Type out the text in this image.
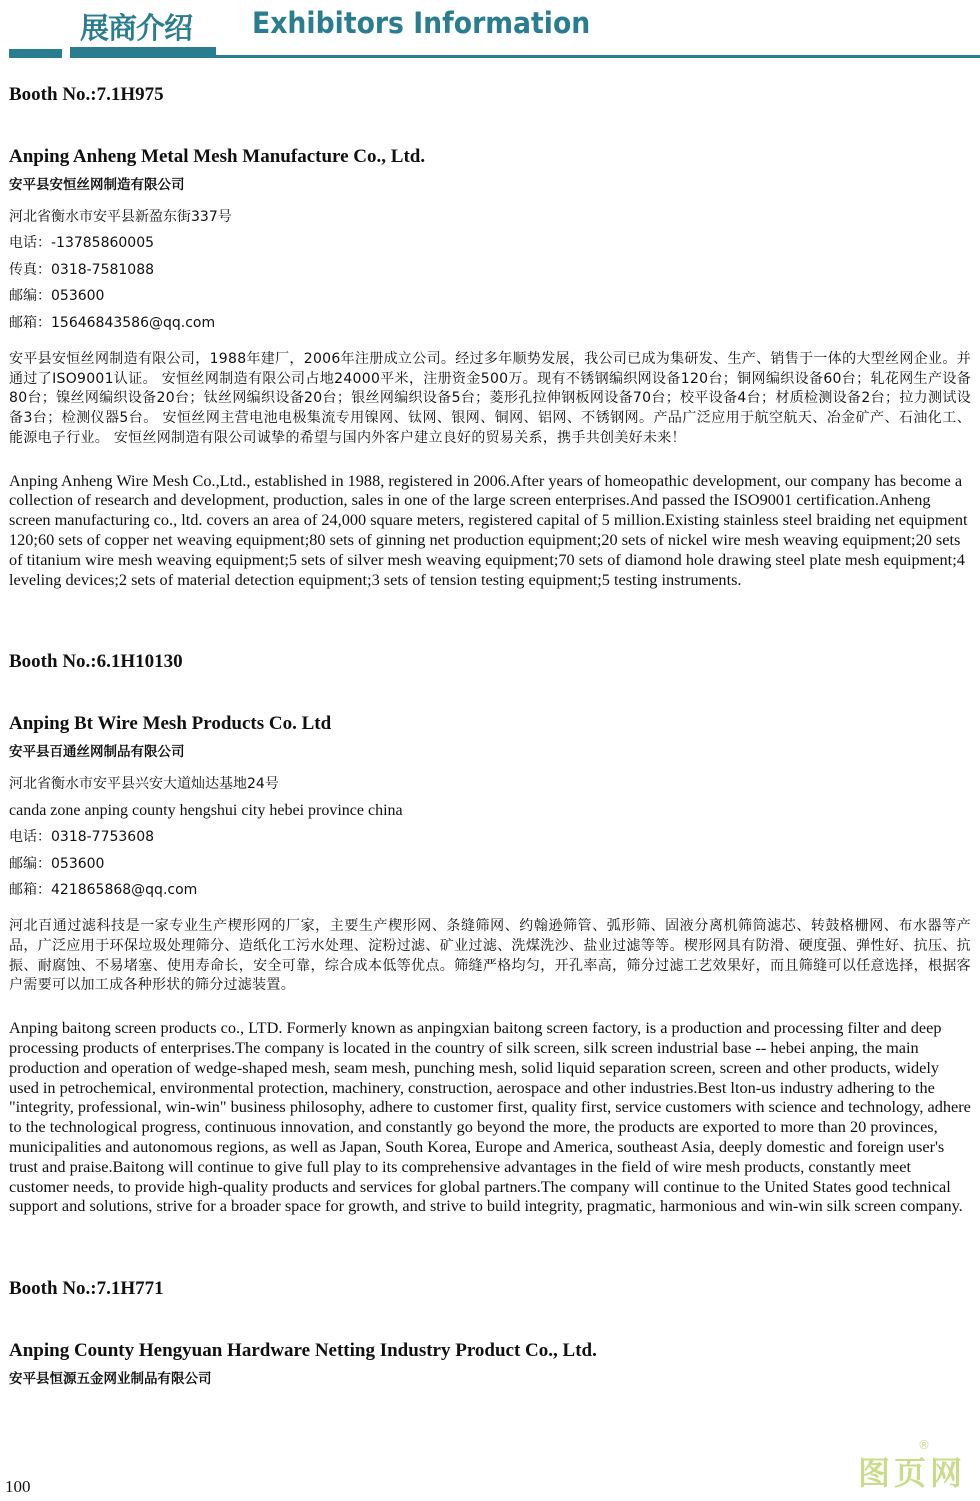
展商介绍 Exhibitors Information

Booth No.:7.1H975

Anping Anheng Metal Mesh Manufacture Co., Ltd.

安平县安恒丝网制造有限公司

河北省衡水市安平县新盈东街337号
电话：-13785860005
传真：0318-7581088
邮编：053600
邮箱：15646843586@qq.com

安平县安恒丝网制造有限公司，1988年建厂，2006年注册成立公司。经过多年顺势发展，我公司已成为集研发、生产、销售于一体的大型丝网企业。并通过了ISO9001认证。 安恒丝网制造有限公司占地24000平米，注册资金500万。现有不锈钢编织网设备120台；铜网编织设备60台；轧花网生产设备80台；镍丝网编织设备20台；钛丝网编织设备20台；银丝网编织设备5台；菱形孔拉伸钢板网设备70台；校平设备4台；材质检测设备2台；拉力测试设备3台；检测仪器5台。 安恒丝网主营电池电极集流专用镍网、钛网、银网、铜网、铝网、不锈钢网。产品广泛应用于航空航天、冶金矿产、石油化工、能源电子行业。 安恒丝网制造有限公司诚挚的希望与国内外客户建立良好的贸易关系，携手共创美好未来！

Anping Anheng Wire Mesh Co.,Ltd., established in 1988, registered in 2006.After years of homeopathic development, our company has become a collection of research and development, production, sales in one of the large screen enterprises.And passed the ISO9001 certification.Anheng screen manufacturing co., ltd. covers an area of 24,000 square meters, registered capital of 5 million.Existing stainless steel braiding net equipment 120;60 sets of copper net weaving equipment;80 sets of ginning net production equipment;20 sets of nickel wire mesh weaving equipment;20 sets of titanium wire mesh weaving equipment;5 sets of silver mesh weaving equipment;70 sets of diamond hole drawing steel plate mesh equipment;4 leveling devices;2 sets of material detection equipment;3 sets of tension testing equipment;5 testing instruments.

Booth No.:6.1H10130

Anping Bt Wire Mesh Products Co. Ltd

安平县百通丝网制品有限公司

河北省衡水市安平县兴安大道灿达基地24号
canda zone anping county hengshui city hebei province china
电话：0318-7753608
邮编：053600
邮箱：421865868@qq.com

河北百通过滤科技是一家专业生产楔形网的厂家，主要生产楔形网、条缝筛网、约翰逊筛管、弧形筛、固液分离机筛筒滤芯、转鼓格栅网、布水器等产品，广泛应用于环保垃圾处理筛分、造纸化工污水处理、淀粉过滤、矿业过滤、洗煤洗沙、盐业过滤等等。楔形网具有防滑、硬度强、弹性好、抗压、抗振、耐腐蚀、不易堵塞、使用寿命长，安全可靠，综合成本低等优点。筛缝严格均匀，开孔率高，筛分过滤工艺效果好，而且筛缝可以任意选择，根据客户需要可以加工成各种形状的筛分过滤装置。

Anping baitong screen products co., LTD. Formerly known as anpingxian baitong screen factory, is a production and processing filter and deep processing products of enterprises.The company is located in the country of silk screen, silk screen industrial base -- hebei anping, the main production and operation of wedge-shaped mesh, seam mesh, punching mesh, solid liquid separation screen, screen and other products, widely used in petrochemical, environmental protection, machinery, construction, aerospace and other industries.Best lton-us industry adhering to the "integrity, professional, win-win" business philosophy, adhere to customer first, quality first, service customers with science and technology, adhere to the technological progress, continuous innovation, and constantly go beyond the more, the products are exported to more than 20 provinces, municipalities and autonomous regions, as well as Japan, South Korea, Europe and America, southeast Asia, deeply domestic and foreign user's trust and praise.Baitong will continue to give full play to its comprehensive advantages in the field of wire mesh products, constantly meet customer needs, to provide high-quality products and services for global partners.The company will continue to the United States good technical support and solutions, strive for a broader space for growth, and strive to build integrity, pragmatic, harmonious and win-win silk screen company.

Booth No.:7.1H771

Anping County Hengyuan Hardware Netting Industry Product Co., Ltd.

安平县恒源五金网业制品有限公司

100	图页网
®
